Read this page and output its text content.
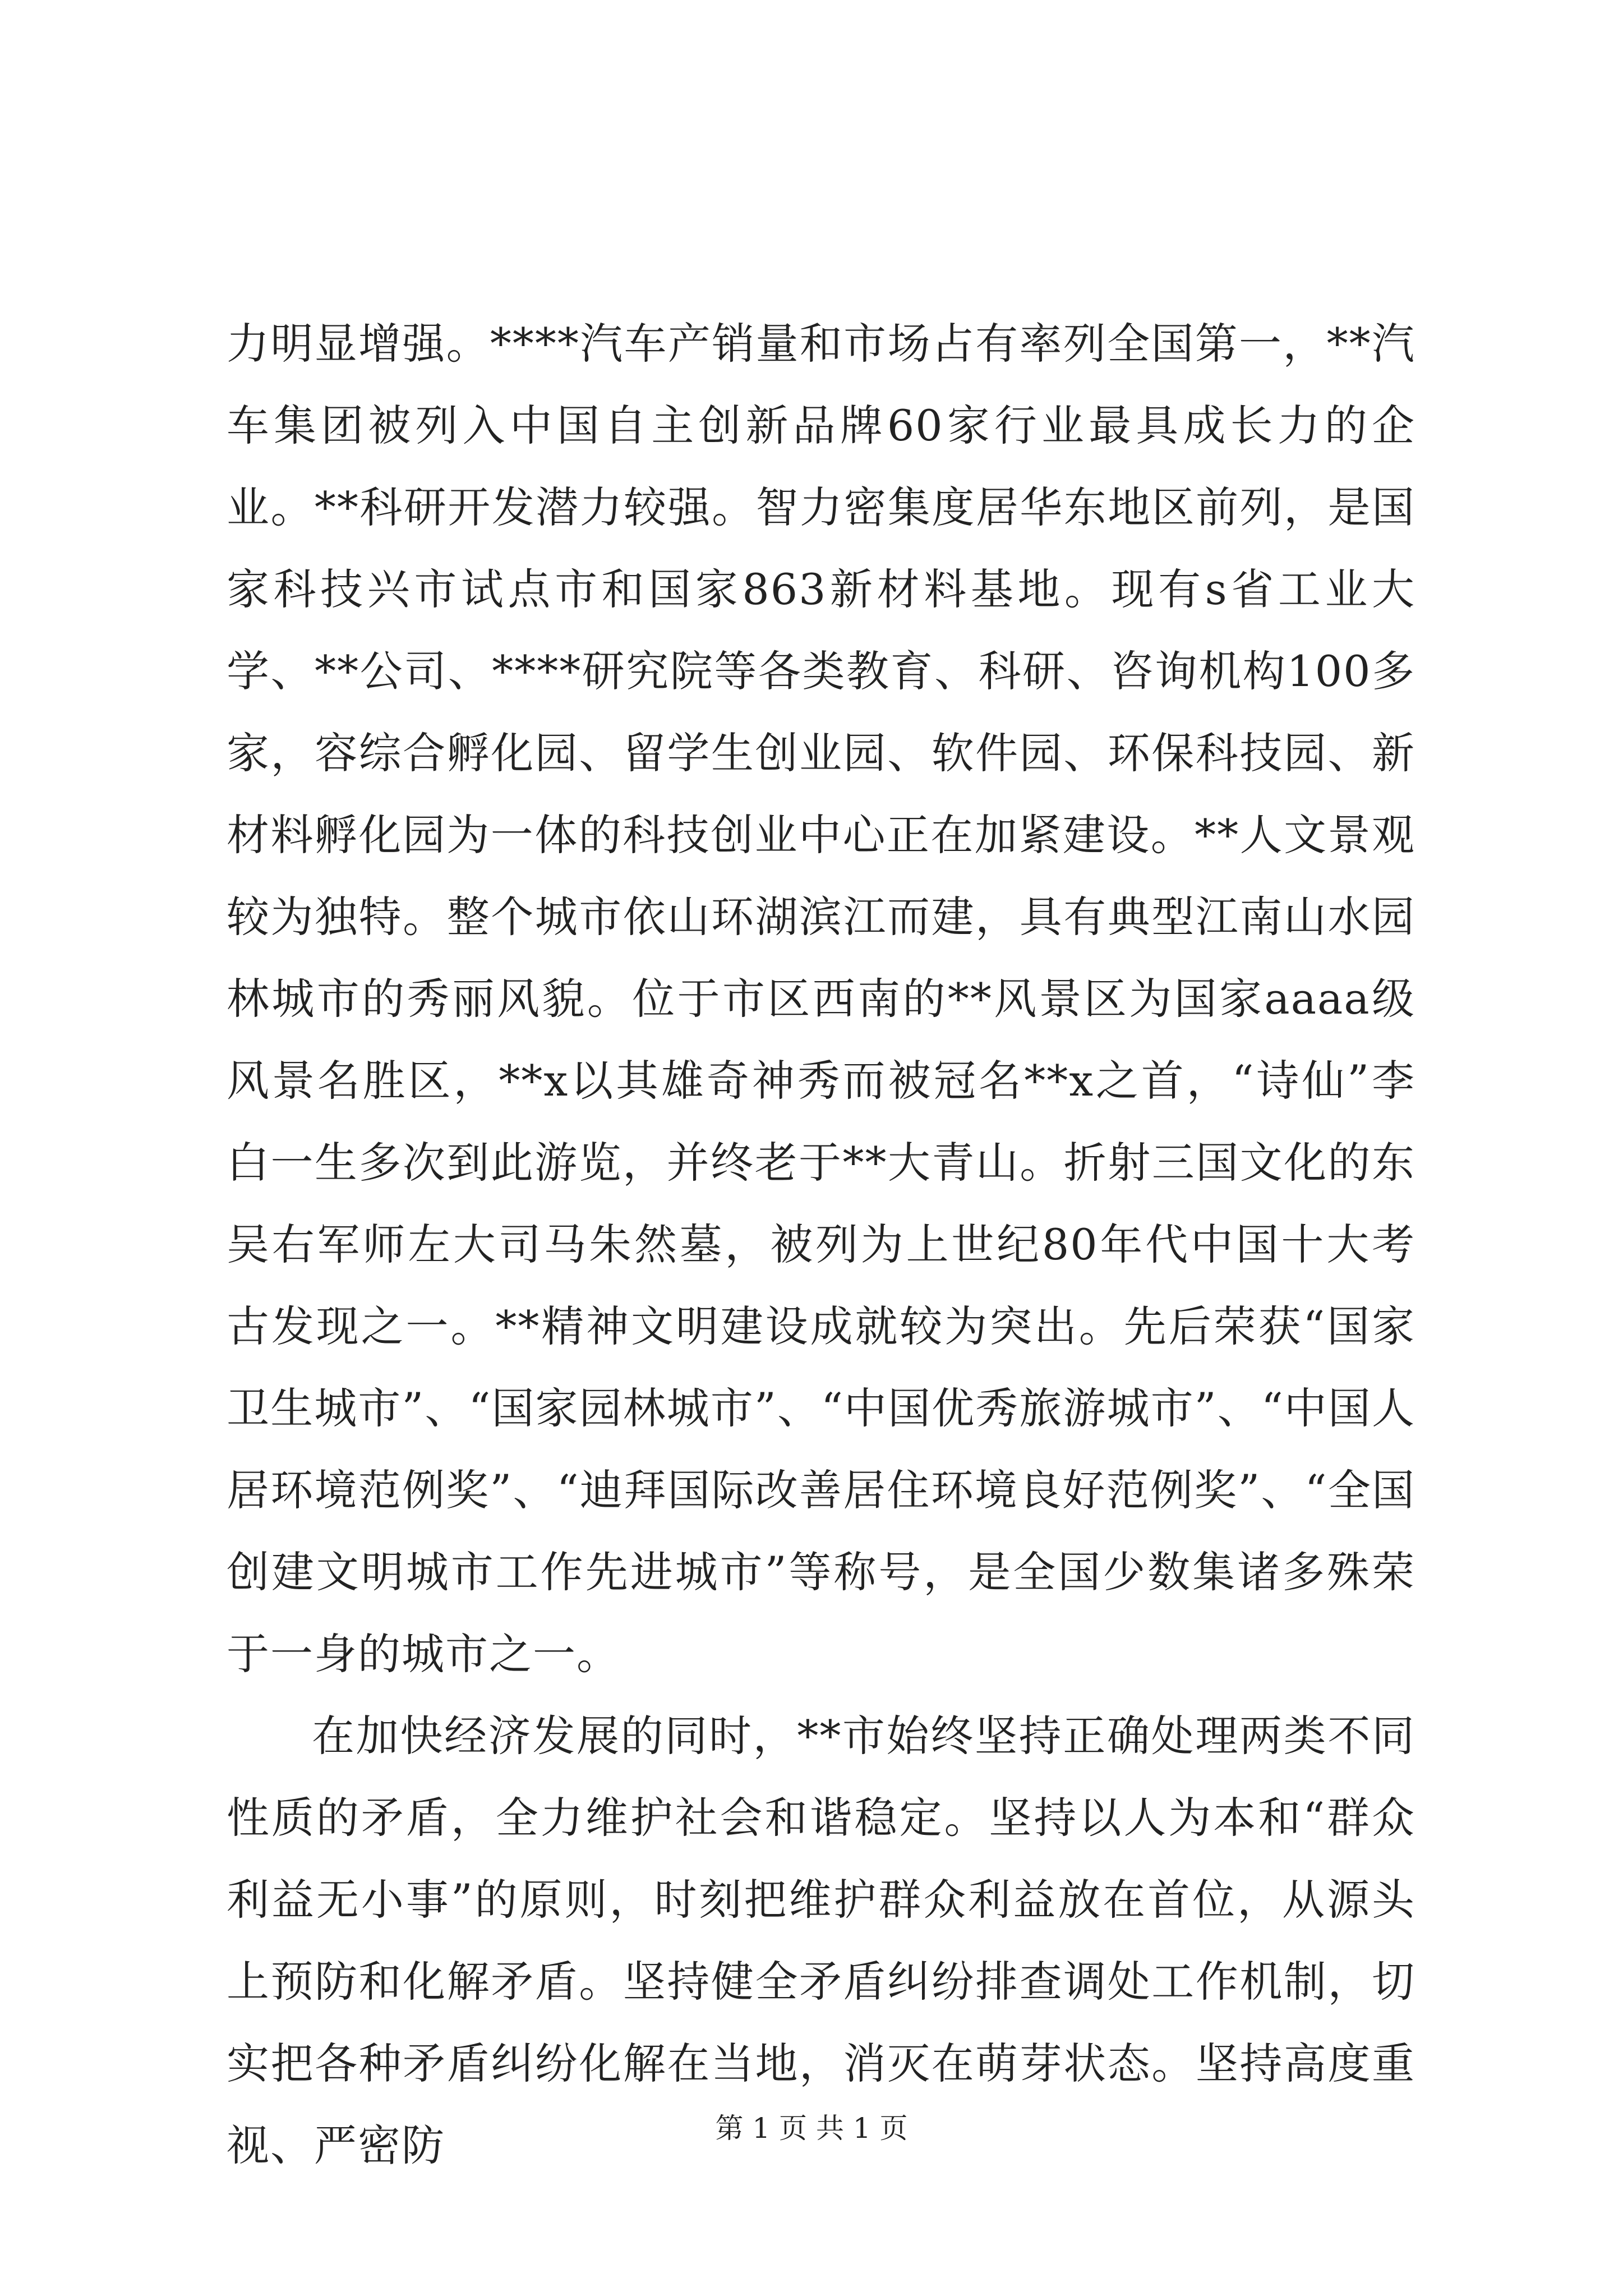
力明显增强。****汽车产销量和市场占有率列全国第一，**汽车集团被列入中国自主创新品牌60家行业最具成长力的企业。**科研开发潜力较强。智力密集度居华东地区前列，是国家科技兴市试点市和国家863新材料基地。现有s省工业大学、**公司、****研究院等各类教育、科研、咨询机构100多家，容综合孵化园、留学生创业园、软件园、环保科技园、新材料孵化园为一体的科技创业中心正在加紧建设。**人文景观较为独特。整个城市依山环湖滨江而建，具有典型江南山水园林城市的秀丽风貌。位于市区西南的**风景区为国家aaaa级风景名胜区，**x以其雄奇神秀而被冠名**x之首，“诗仙”李白一生多次到此游览，并终老于**大青山。折射三国文化的东吴右军师左大司马朱然墓，被列为上世纪80年代中国十大考古发现之一。**精神文明建设成就较为突出。先后荣获“国家卫生城市”、“国家园林城市”、“中国优秀旅游城市”、“中国人居环境范例奖”、“迪拜国际改善居住环境良好范例奖”、“全国创建文明城市工作先进城市”等称号，是全国少数集诸多殊荣于一身的城市之一。

在加快经济发展的同时，**市始终坚持正确处理两类不同性质的矛盾，全力维护社会和谐稳定。坚持以人为本和“群众利益无小事”的原则，时刻把维护群众利益放在首位，从源头上预防和化解矛盾。坚持健全矛盾纠纷排查调处工作机制，切实把各种矛盾纠纷化解在当地，消灭在萌芽状态。坚持高度重视、严密防	第 1 页 共 1 页
